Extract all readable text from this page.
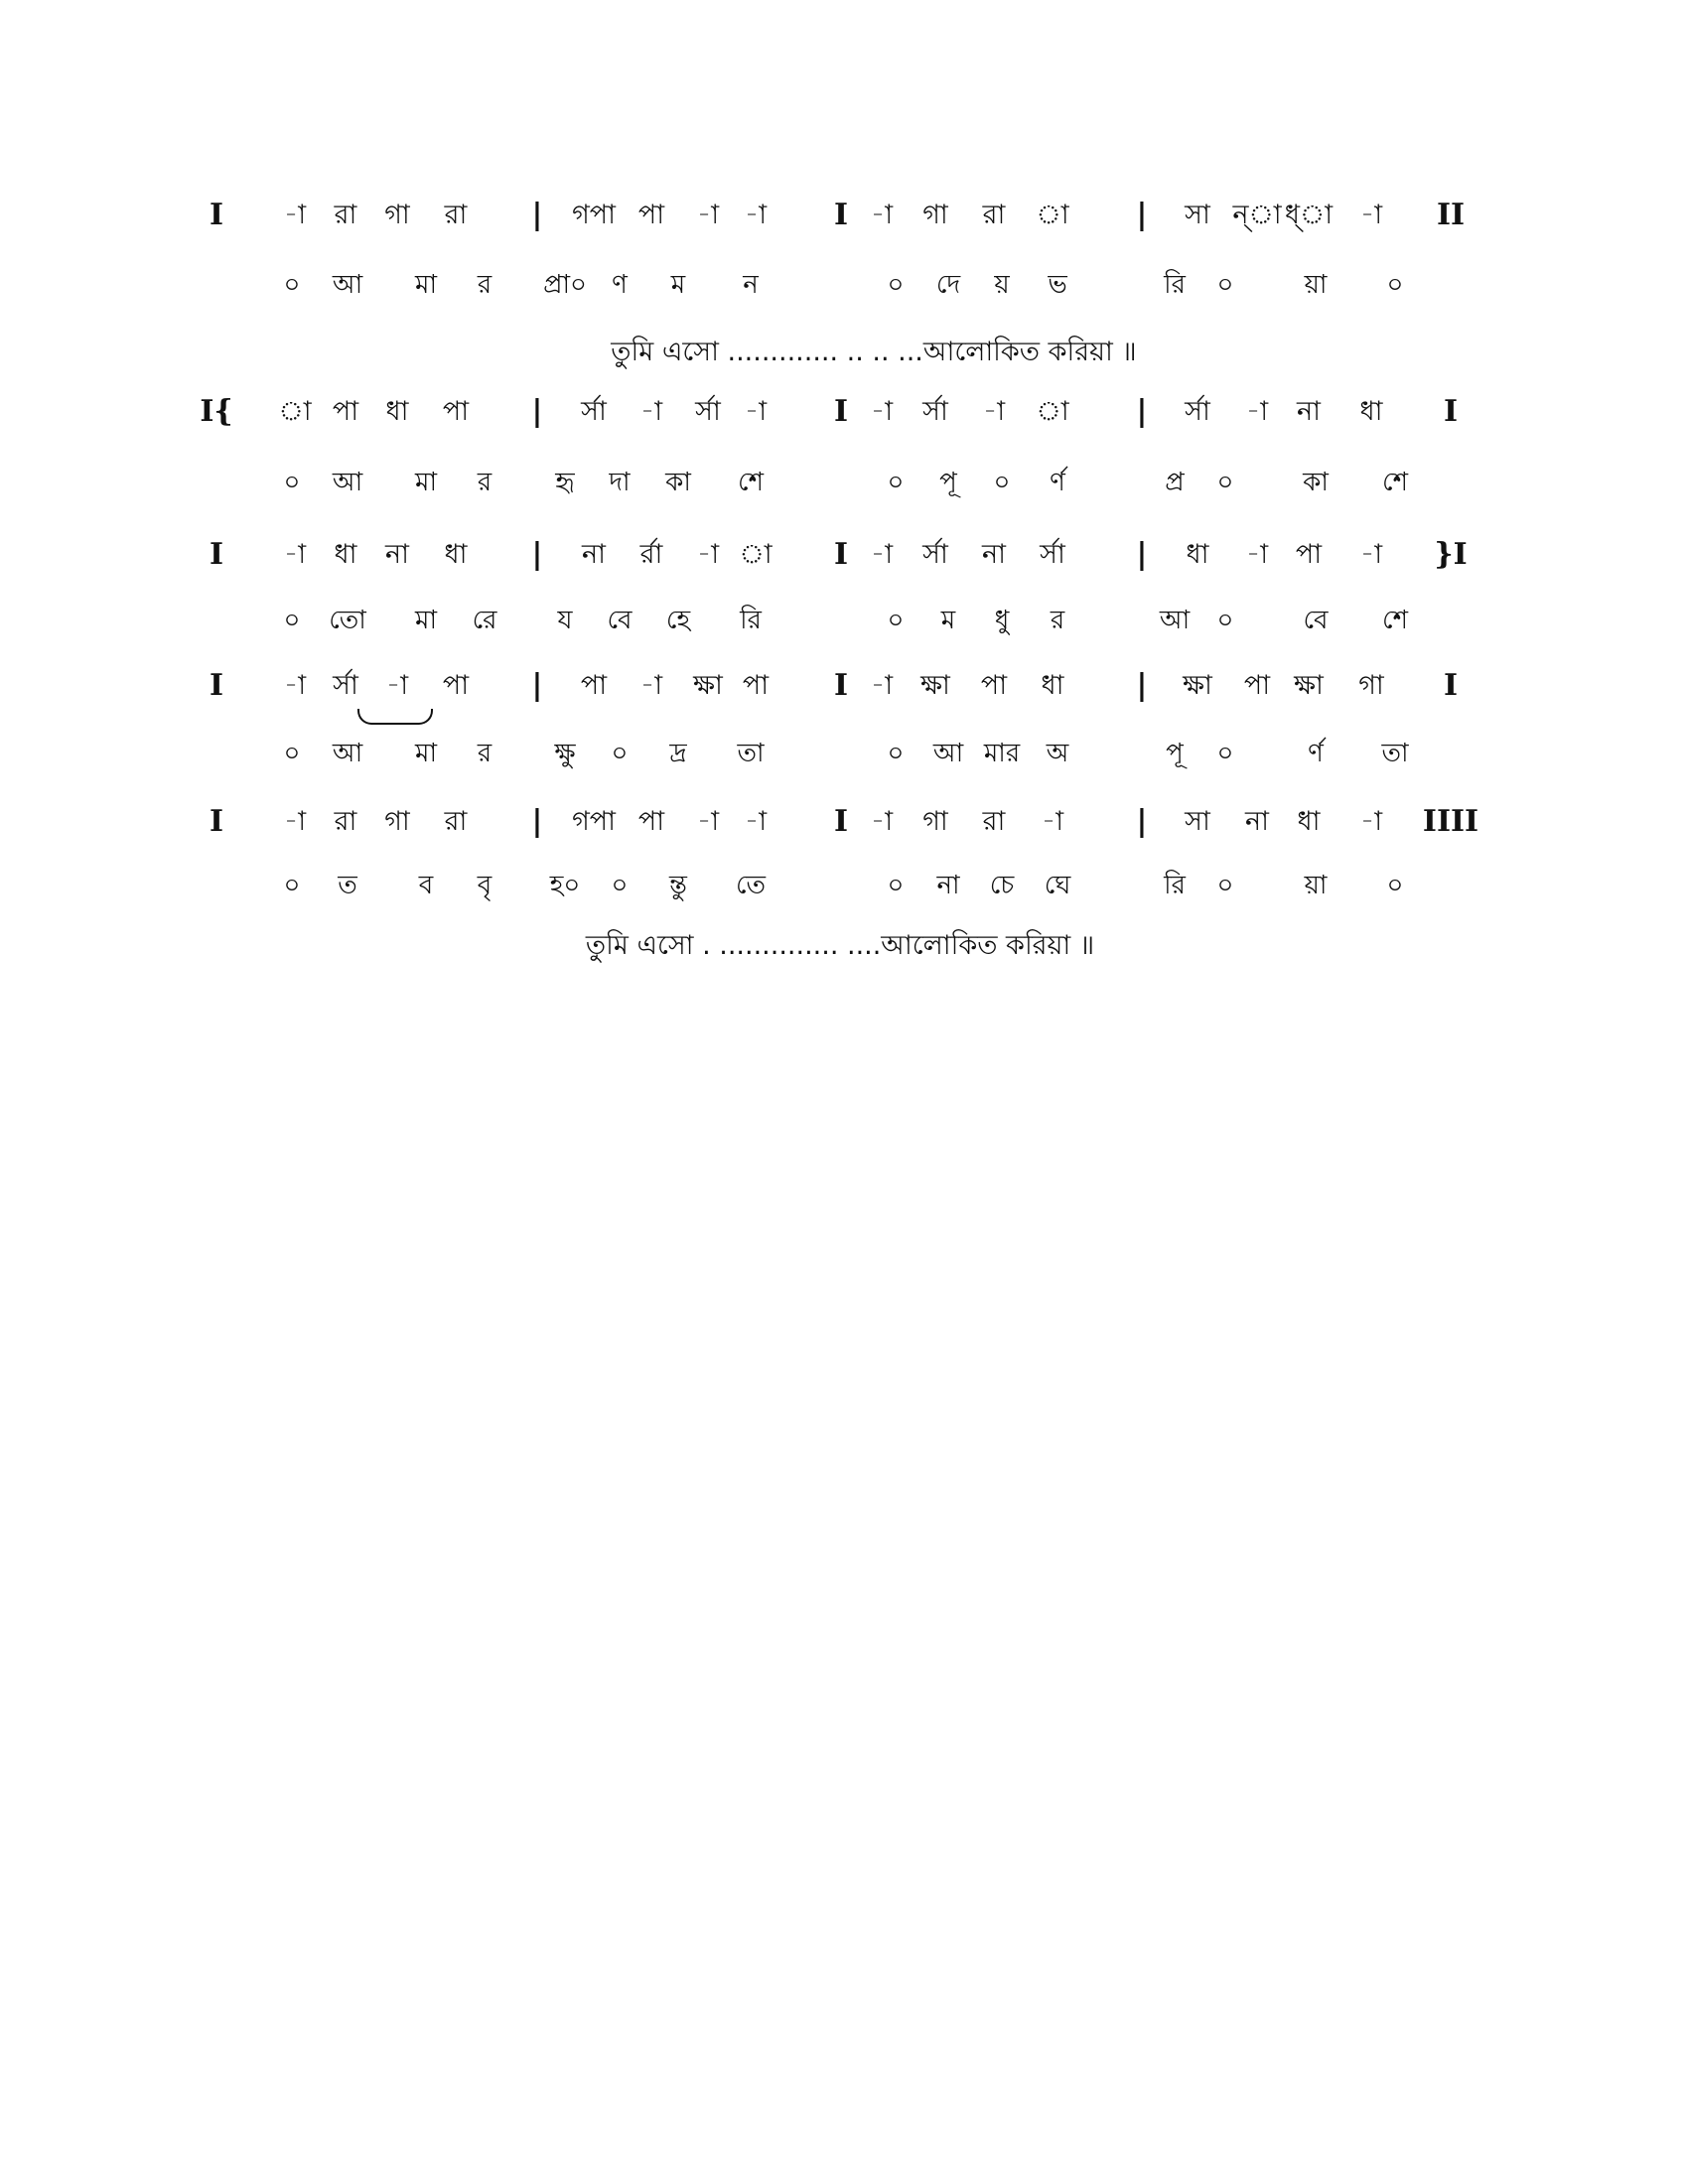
I -া রা গা রা | গপা পা -া -া I -া গা রা া | সা ন্া ধ্া -া II
০ আ মা র প্রা০ ণ ম ন	০ দে য় ভ	রি ০	য়া ০
তুমি এসো ............. .. .. ...আলোকিত করিয়া ॥
I{ া পা ধা পা | র্সা -া র্সা -া I -া র্সা -া া | র্সা -া না ধা I
০ আ মা র হৃ দা কা শে	০ পূ ০ র্ণ	প্র ০	কা শে
I -া ধা না ধা | না র্রা -া া I -া র্সা না র্সা | ধা -া পা -া }I
০ তো মা রে য বে হে রি	০ ম ধু র	আ ০	বে শে
I -া র্সা -া পা | পা -া ক্ষা পা I -া ক্ষা পা ধা | ক্ষা পা ক্ষা গা I
০ আ মা র ক্ষু ০ দ্র তা	০ আ মার অ	পূ ০	র্ণ তা
I -া রা গা রা | গপা পা -া -া I -া গা রা -া | সা না ধা -া IIII
০ ত ব বৃ হ০ ০ ন্তু তে	০ না চে ঘে	রি ০	য়া ০
তুমি এসো . .............. ....আলোকিত করিয়া ॥
